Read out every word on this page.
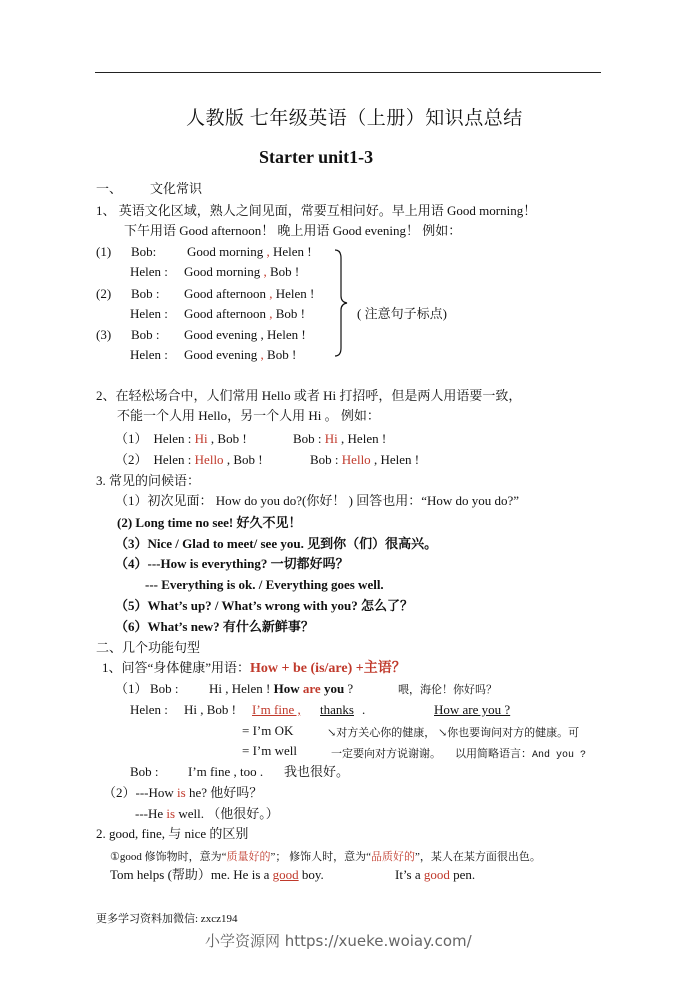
人教版 七年级英语（上册）知识点总结
Starter unit1-3
一、 文化常识
1、 英语文化区域，熟人之间见面，常要互相问好。早上用语 Good morning！
下午用语 Good afternoon！ 晚上用语 Good evening！ 例如：
(1) Bob: Good morning , Helen !
Helen : Good morning , Bob !
(2) Bob : Good afternoon , Helen !
Helen : Good afternoon , Bob !
(3) Bob : Good evening , Helen !
Helen : Good evening , Bob !
( 注意句子标点)
2、在轻松场合中，人们常用 Hello 或者 Hi 打招呼，但是两人用语要一致，
不能一个人用 Hello，另一个人用 Hi 。 例如：
（1） Helen : Hi , Bob !	Bob : Hi , Helen !
（2） Helen : Hello , Bob !	Bob : Hello , Helen !
3. 常见的问候语：
（1）初次见面： How do you do?(你好！ ) 回答也用：“How do you do?”
(2) Long time no see! 好久不见！
（3）Nice / Glad to meet/ see you. 见到你（们）很高兴。
（4）---How is everything? 一切都好吗？
--- Everything is ok. / Everything goes well.
（5）What’s up? / What’s wrong with you? 怎么了？
（6）What’s new? 有什么新鲜事？
二、几个功能句型
1、问答“身体健康”用语：How + be (is/are) +主语？
（1） Bob : Hi , Helen ! How are you ?	喂，海伦！你好吗？
Helen : Hi , Bob !	I’m fine ,	thanks .	How are you ?
= I’m OK	↘对方关心你的健康， ↘你也要询问对方的健康。可
= I’m well	一定要向对方说谢谢。 以用简略语言：And you ?
Bob : I’m fine , too . 我也很好。
（2）---How is he? 他好吗？
---He is well. （他很好。）
2. good, fine, 与 nice 的区别
①good 修饰物时，意为“质量好的”； 修饰人时，意为“品质好的”，某人在某方面很出色。
Tom helps (帮助）me. He is a good boy.	It’s a good pen.
更多学习资料加微信: zxcz194
小学资源网 https://xueke.woiay.com/
